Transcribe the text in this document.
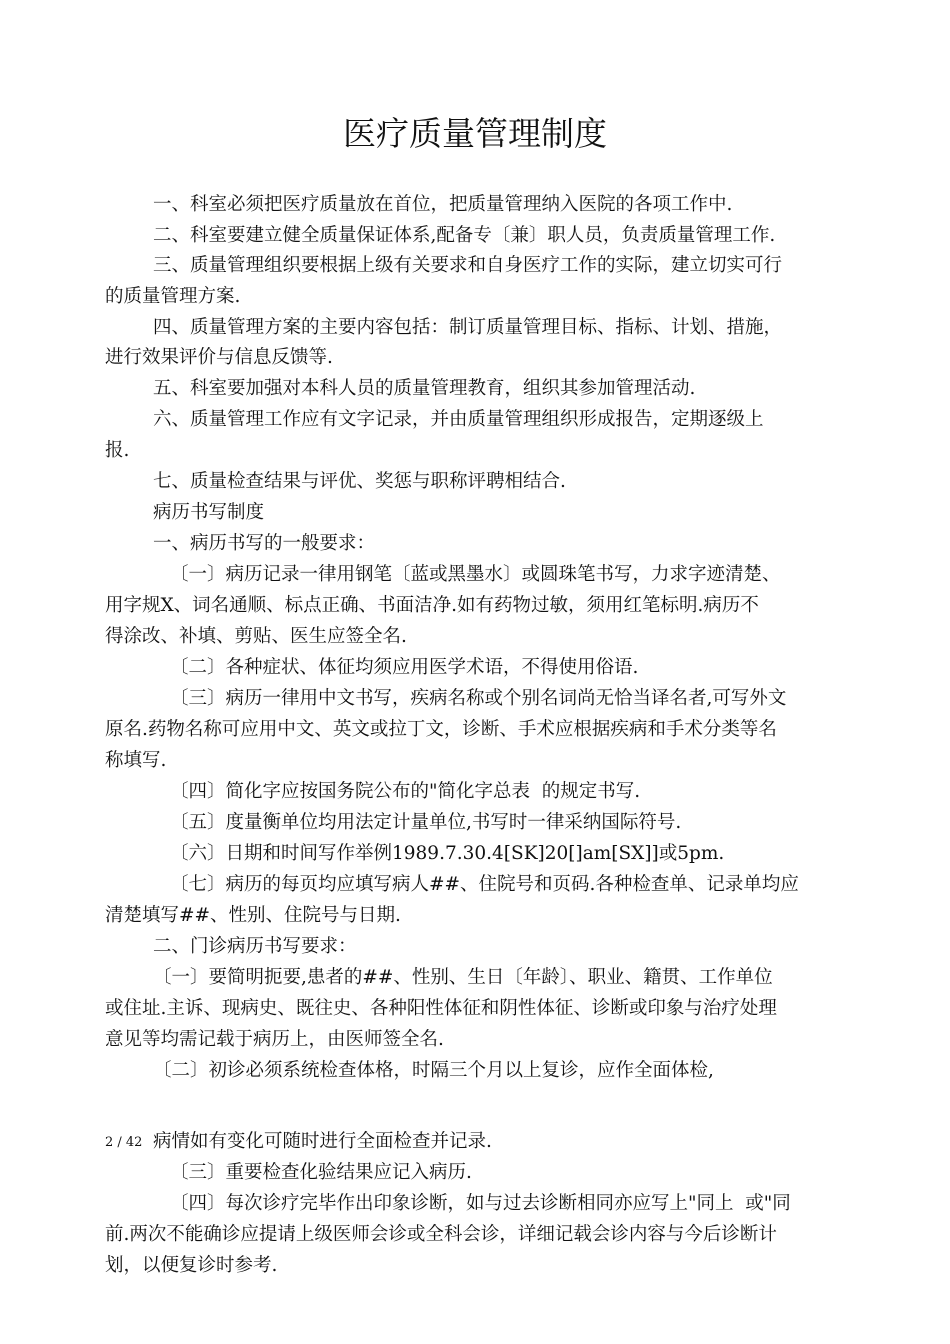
医疗质量管理制度
一、科室必须把医疗质量放在首位，把质量管理纳入医院的各项工作中.
二、科室要建立健全质量保证体系,配备专〔兼〕职人员，负责质量管理工作.
三、质量管理组织要根据上级有关要求和自身医疗工作的实际，建立切实可行
的质量管理方案.
四、质量管理方案的主要内容包括：制订质量管理目标、指标、计划、措施，
进行效果评价与信息反馈等.
五、科室要加强对本科人员的质量管理教育，组织其参加管理活动.
六、质量管理工作应有文字记录，并由质量管理组织形成报告，定期逐级上
报.
七、质量检查结果与评优、奖惩与职称评聘相结合.
病历书写制度
一、病历书写的一般要求：
〔一〕病历记录一律用钢笔〔蓝或黑墨水〕或圆珠笔书写，力求字迹清楚、
用字规X、词名通顺、标点正确、书面洁净.如有药物过敏，须用红笔标明.病历不
得涂改、补填、剪贴、医生应签全名.
〔二〕各种症状、体征均须应用医学术语，不得使用俗语.
〔三〕病历一律用中文书写，疾病名称或个别名词尚无恰当译名者,可写外文
原名.药物名称可应用中文、英文或拉丁文，诊断、手术应根据疾病和手术分类等名
称填写.
〔四〕简化字应按国务院公布的"简化字总表  的规定书写.
〔五〕度量衡单位均用法定计量单位,书写时一律采纳国际符号.
〔六〕日期和时间写作举例1989.7.30.4[SK]20[]am[SX]]或5pm.
〔七〕病历的每页均应填写病人##、住院号和页码.各种检查单、记录单均应
清楚填写##、性别、住院号与日期.
二、门诊病历书写要求：
〔一〕要简明扼要,患者的##、性别、生日〔年龄〕、职业、籍贯、工作单位
或住址.主诉、现病史、既往史、各种阳性体征和阴性体征、诊断或印象与治疗处理
意见等均需记载于病历上，由医师签全名.
〔二〕初诊必须系统检查体格，时隔三个月以上复诊，应作全面体检,
〔三〕重要检查化验结果应记入病历.
〔四〕每次诊疗完毕作出印象诊断，如与过去诊断相同亦应写上"同上  或"同
前.两次不能确诊应提请上级医师会诊或全科会诊，详细记载会诊内容与今后诊断计
划，以便复诊时参考.
2 / 42 病情如有变化可随时进行全面检查并记录.
